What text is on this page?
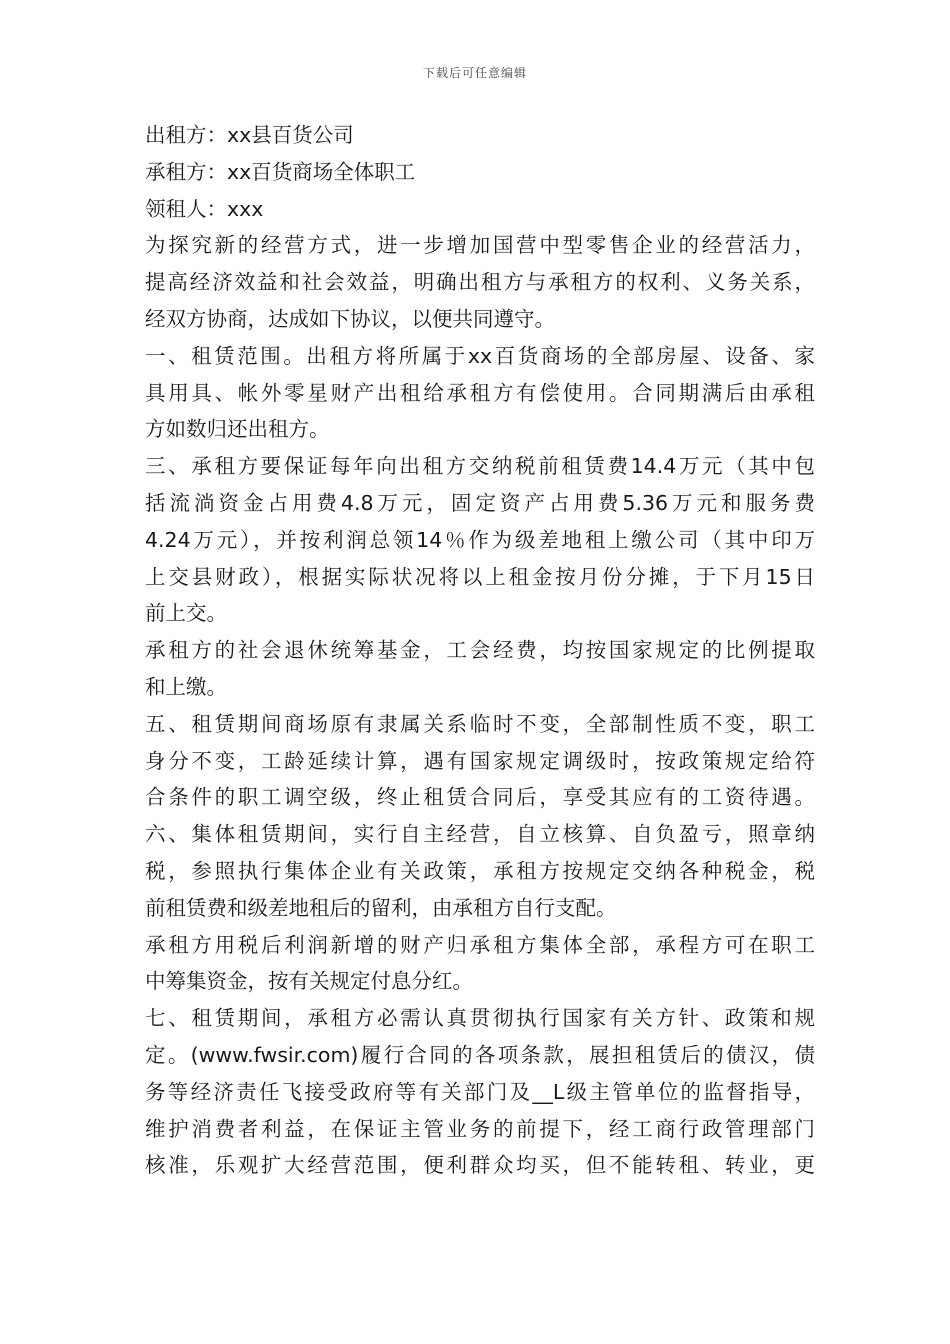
下载后可任意编辑
出租方：xx县百货公司
承租方：xx百货商场全体职工
领租人：xxx
为探究新的经营方式，进一步增加国营中型零售企业的经营活力，
提高经济效益和社会效益，明确出租方与承租方的权利、义务关系，
经双方协商，达成如下协议，以便共同遵守。
一、租赁范围。出租方将所属于xx百货商场的全部房屋、设备、家
具用具、帐外零星财产出租给承租方有偿使用。合同期满后由承租
方如数归还出租方。
三、承租方要保证每年向出租方交纳税前租赁费14.4万元（其中包
括流淌资金占用费4.8万元，固定资产占用费5.36万元和服务费
4.24万元），并按利润总领14％作为级差地租上缴公司（其中印万
上交县财政），根据实际状况将以上租金按月份分摊，于下月15日
前上交。
承租方的社会退休统筹基金，工会经费，均按国家规定的比例提取
和上缴。
五、租赁期间商场原有隶属关系临时不变，全部制性质不变，职工
身分不变，工龄延续计算，遇有国家规定调级时，按政策规定给符
合条件的职工调空级，终止租赁合同后，享受其应有的工资待遇。
六、集体租赁期间，实行自主经营，自立核算、自负盈亏，照章纳
税，参照执行集体企业有关政策，承租方按规定交纳各种税金，税
前租赁费和级差地租后的留利，由承租方自行支配。
承租方用税后利润新增的财产归承租方集体全部，承程方可在职工
中筹集资金，按有关规定付息分红。
七、租赁期间，承租方必需认真贯彻执行国家有关方针、政策和规
定。(www.fwsir.com)履行合同的各项条款，展担租赁后的债汉，债
务等经济责任飞接受政府等有关部门及__L级主管单位的监督指导，
维护消费者利益，在保证主管业务的前提下，经工商行政管理部门
核准，乐观扩大经营范围，便利群众均买，但不能转租、转业，更
